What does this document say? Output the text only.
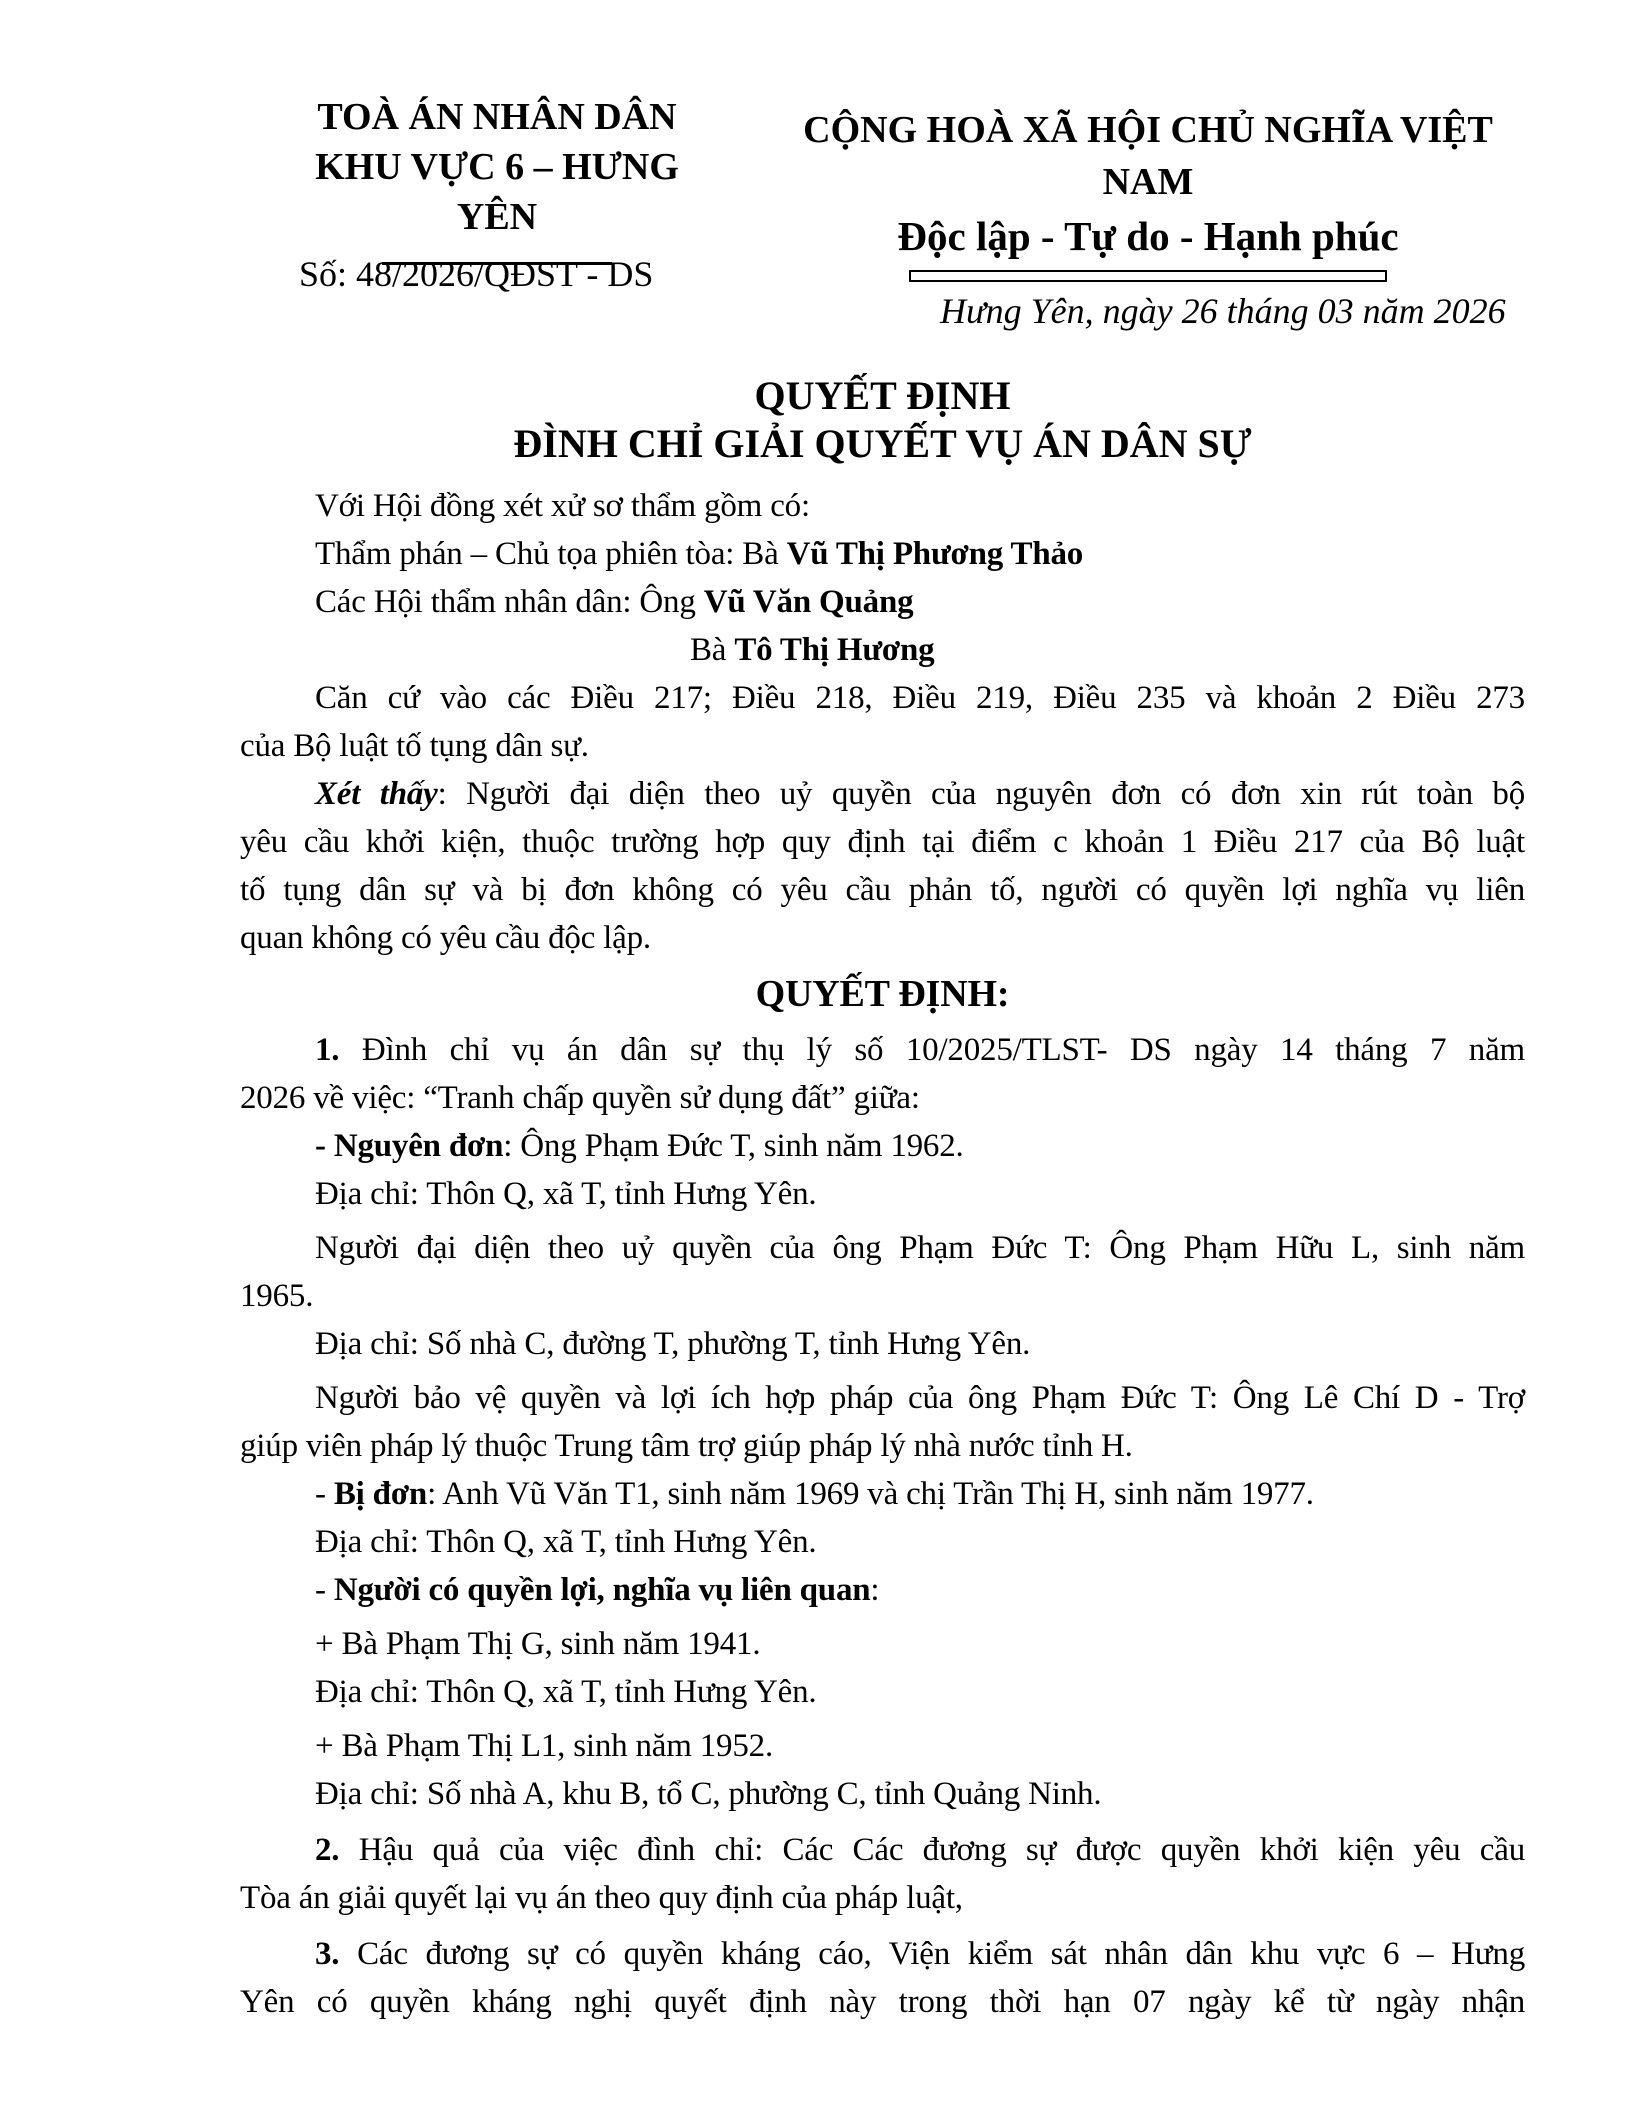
TOÀ ÁN NHÂN DÂN
KHU VỰC 6 – HƯNG YÊN
CỘNG HOÀ XÃ HỘI CHỦ NGHĨA VIỆT NAM
Độc lập - Tự do - Hạnh phúc
Số: 48/2026/QĐST - DS
Hưng Yên, ngày 26 tháng 03 năm 2026
QUYẾT ĐỊNH
ĐÌNH CHỈ GIẢI QUYẾT VỤ ÁN DÂN SỰ
Với Hội đồng xét xử sơ thẩm gồm có:
Thẩm phán – Chủ tọa phiên tòa: Bà Vũ Thị Phương Thảo
Các Hội thẩm nhân dân: Ông Vũ Văn Quảng
Bà Tô Thị Hương
Căn cứ vào các Điều 217; Điều 218, Điều 219, Điều 235 và khoản 2 Điều 273
của Bộ luật tố tụng dân sự.
Xét thấy: Người đại diện theo uỷ quyền của nguyên đơn có đơn xin rút toàn bộ
yêu cầu khởi kiện, thuộc trường hợp quy định tại điểm c khoản 1 Điều 217 của Bộ luật
tố tụng dân sự và bị đơn không có yêu cầu phản tố, người có quyền lợi nghĩa vụ liên
quan không có yêu cầu độc lập.
QUYẾT ĐỊNH:
1. Đình chỉ vụ án dân sự thụ lý số 10/2025/TLST- DS ngày 14 tháng 7 năm
2026 về việc: “Tranh chấp quyền sử dụng đất” giữa:
- Nguyên đơn: Ông Phạm Đức T, sinh năm 1962.
Địa chỉ: Thôn Q, xã T, tỉnh Hưng Yên.
Người đại diện theo uỷ quyền của ông Phạm Đức T: Ông Phạm Hữu L, sinh năm
1965.
Địa chỉ: Số nhà C, đường T, phường T, tỉnh Hưng Yên.
Người bảo vệ quyền và lợi ích hợp pháp của ông Phạm Đức T: Ông Lê Chí D - Trợ
giúp viên pháp lý thuộc Trung tâm trợ giúp pháp lý nhà nước tỉnh H.
- Bị đơn: Anh Vũ Văn T1, sinh năm 1969 và chị Trần Thị H, sinh năm 1977.
Địa chỉ: Thôn Q, xã T, tỉnh Hưng Yên.
- Người có quyền lợi, nghĩa vụ liên quan:
+ Bà Phạm Thị G, sinh năm 1941.
Địa chỉ: Thôn Q, xã T, tỉnh Hưng Yên.
+ Bà Phạm Thị L1, sinh năm 1952.
Địa chỉ: Số nhà A, khu B, tổ C, phường C, tỉnh Quảng Ninh.
2. Hậu quả của việc đình chỉ: Các Các đương sự được quyền khởi kiện yêu cầu
Tòa án giải quyết lại vụ án theo quy định của pháp luật,
3. Các đương sự có quyền kháng cáo, Viện kiểm sát nhân dân khu vực 6 – Hưng
Yên có quyền kháng nghị quyết định này trong thời hạn 07 ngày kể từ ngày nhận
